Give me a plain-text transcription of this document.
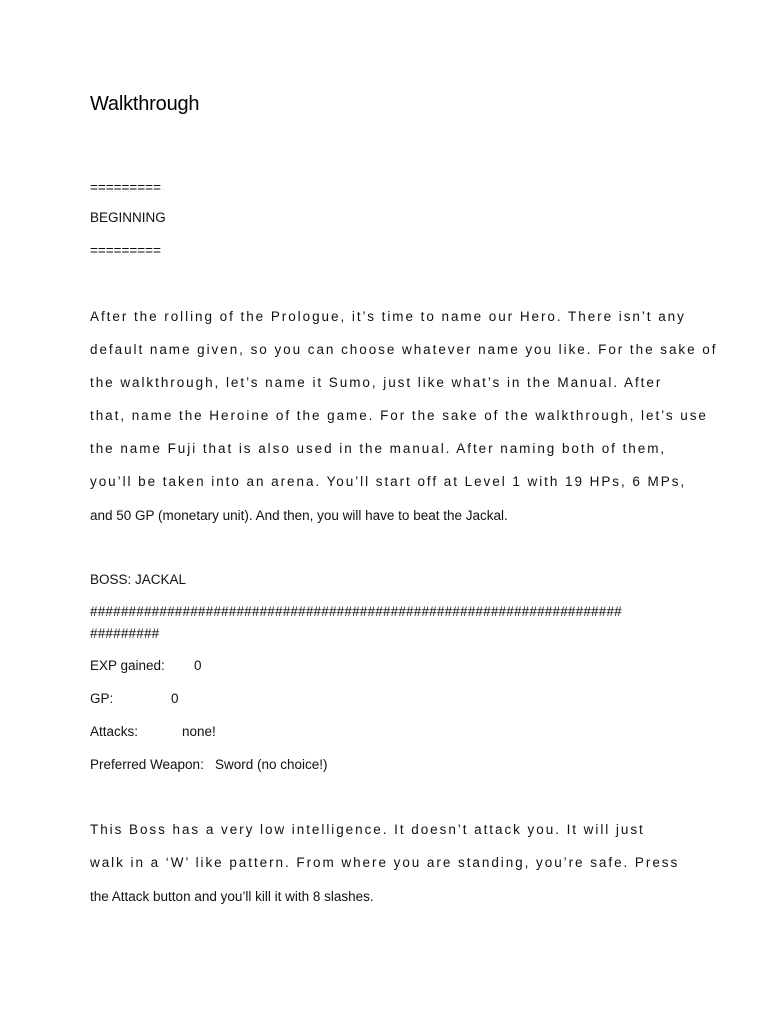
Walkthrough
=========
BEGINNING
=========
After the rolling of the Prologue, it’s time to name our Hero. There isn’t any
default name given, so you can choose whatever name you like. For the sake of
the walkthrough, let’s name it Sumo, just like what’s in the Manual. After
that, name the Heroine of the game. For the sake of the walkthrough, let’s use
the name Fuji that is also used in the manual. After naming both of them,
you’ll be taken into an arena. You’ll start off at Level 1 with 19 HPs, 6 MPs,
and 50 GP (monetary unit). And then, you will have to beat the Jackal.
BOSS: JACKAL
#####################################################################
#########
EXP gained: 0
GP:	0
Attacks:	none!
Preferred Weapon: Sword (no choice!)
This Boss has a very low intelligence. It doesn’t attack you. It will just
walk in a ‘W’ like pattern. From where you are standing, you’re safe. Press
the Attack button and you’ll kill it with 8 slashes.
